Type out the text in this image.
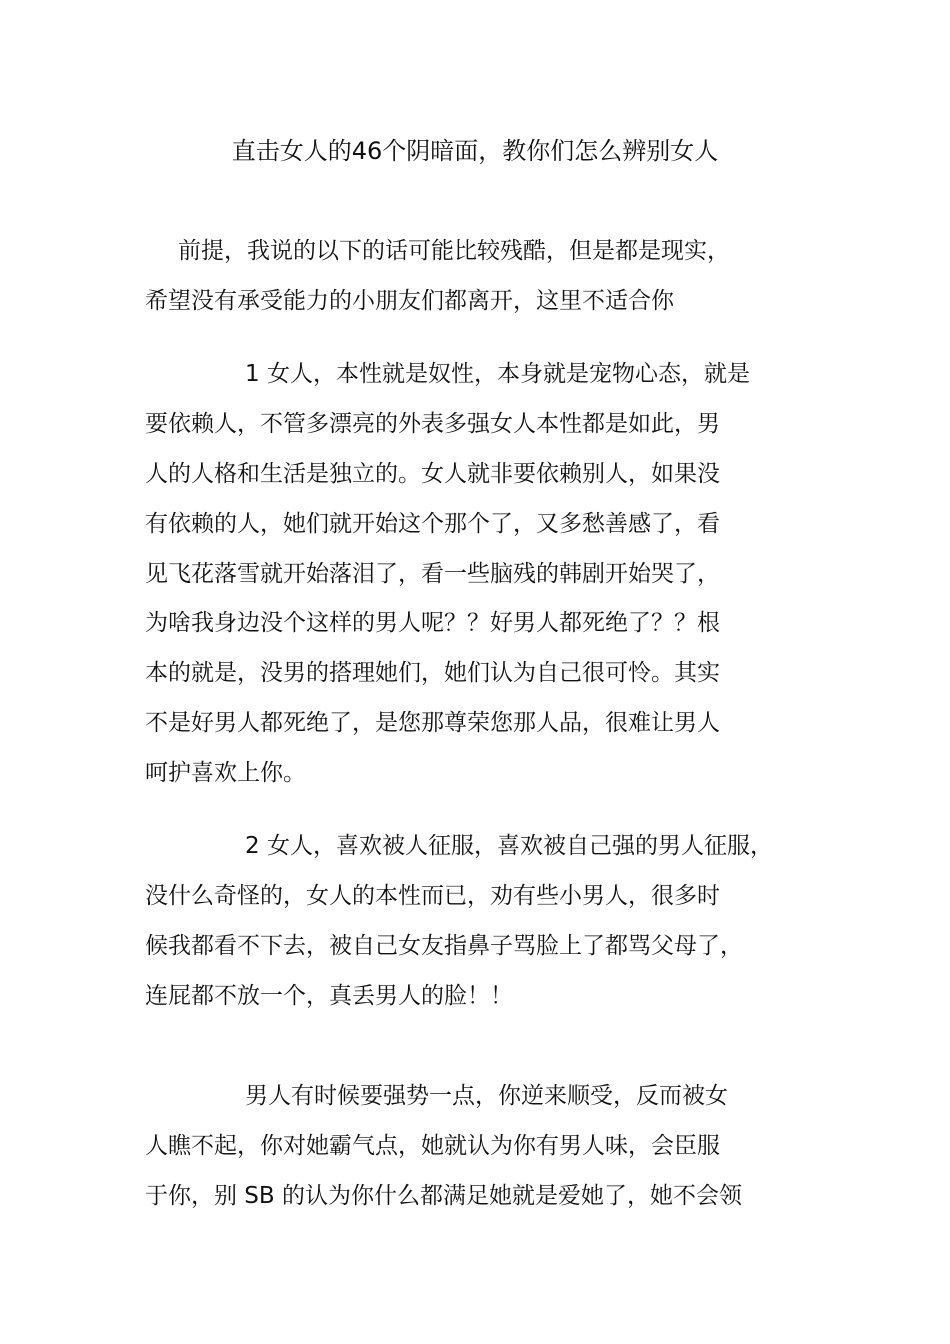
直击女人的46个阴暗面，教你们怎么辨别女人
前提，我说的以下的话可能比较残酷，但是都是现实，
希望没有承受能力的小朋友们都离开，这里不适合你
1 女人，本性就是奴性，本身就是宠物心态，就是
要依赖人，不管多漂亮的外表多强女人本性都是如此，男
人的人格和生活是独立的。女人就非要依赖别人，如果没
有依赖的人，她们就开始这个那个了，又多愁善感了，看
见飞花落雪就开始落泪了，看一些脑残的韩剧开始哭了，
为啥我身边没个这样的男人呢？？好男人都死绝了？？根
本的就是，没男的搭理她们，她们认为自己很可怜。其实
不是好男人都死绝了，是您那尊荣您那人品，很难让男人
呵护喜欢上你。
2 女人，喜欢被人征服，喜欢被自己强的男人征服，
没什么奇怪的，女人的本性而已，劝有些小男人，很多时
候我都看不下去，被自己女友指鼻子骂脸上了都骂父母了，
连屁都不放一个，真丢男人的脸！！
男人有时候要强势一点，你逆来顺受，反而被女
人瞧不起，你对她霸气点，她就认为你有男人味，会臣服
于你，别 SB 的认为你什么都满足她就是爱她了，她不会领
